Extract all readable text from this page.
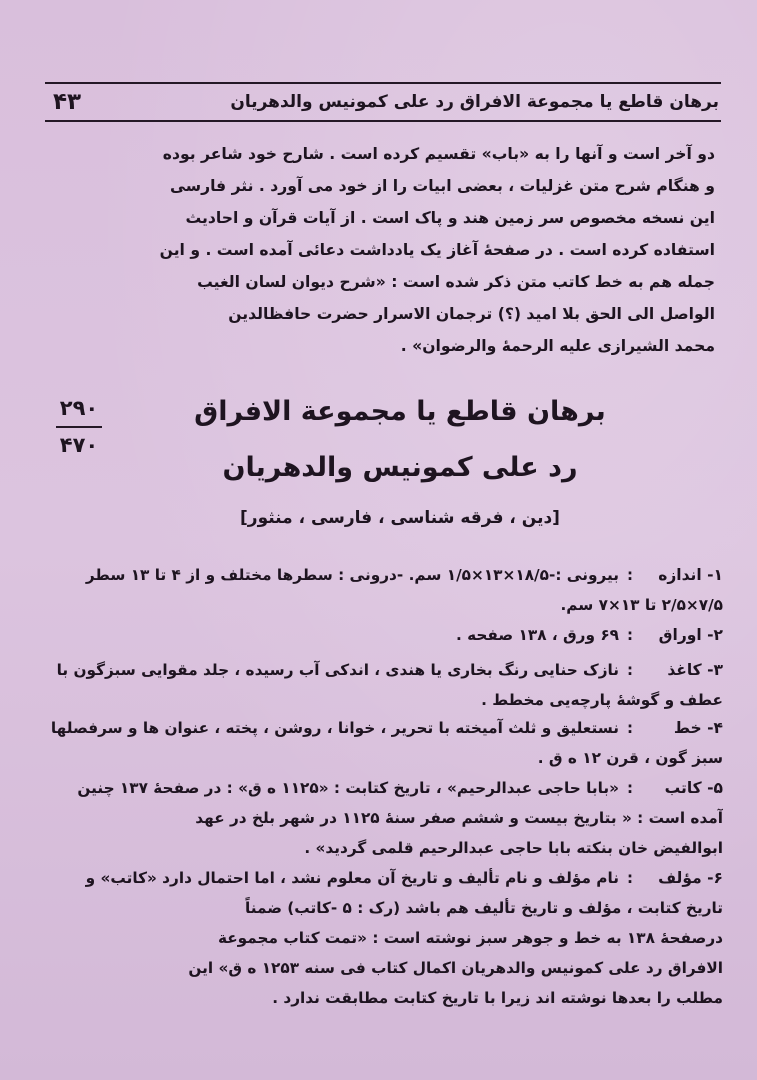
۴۳	برهان قاطع یا مجموعة الافراق رد علی کمونیس والدهریان
دو آخر است و آنها را به «باب» تقسیم کرده است . شارح خود شاعر بوده
و هنگام شرح متن غزلیات ، بعضی ابیات را از خود می آورد . نثر فارسی
این نسخه مخصوص سر زمین هند و پاک است . از آیات قرآن و احادیث
استفاده کرده است . در صفحه‌ٔ آغاز یک یادداشت دعائی آمده است . و این
جمله هم به خط کاتب متن ذکر شده است : «شرح دیوان لسان الغیب
الواصل الی الحق بلا امید (؟) ترجمان الاسرار حضرت حافظالدین
محمد الشیرازی علیه الرحمه‌ٔ والرضوان» .
۲۹۰
۴۷۰
برهان قاطع یا مجموعة الافراق
رد علی کمونیس والدهریان
[دین ، فرقه شناسی ، فارسی ، منثور]
۱- اندازه
:
بیرونی :-۱۸/۵×۱۳×۱/۵ سم. -درونی : سطرها مختلف و از ۴ تا ۱۳ سطر
۷/۵×۲/۵ تا ۱۳×۷ سم.
۲- اوراق
:
۶۹ ورق ، ۱۳۸ صفحه .
۳- کاغذ
:
نازک حنایی رنگ بخاری یا هندی ، اندکی آب رسیده ، جلد مقوایی سبزگون با
عطف و گوشه‌ٔ پارچه‌یی مخطط .
۴- خط
:
نستعلیق و ثلث آمیخته با تحریر ، خوانا ، روشن ، پخته ، عنوان ها و سرفصلها
سبز گون ، قرن ۱۲ ه ق .
۵- کاتب
:
«بابا حاجی عبدالرحیم» ، تاریخ کتابت : «۱۱۲۵ ه ق» : در صفحه‌ٔ ۱۳۷ چنین
آمده است : « بتاریخ بیست و ششم صفر سنه‌ٔ ۱۱۲۵ در شهر بلخ در عهد
ابوالفیض خان بنکته بابا حاجی عبدالرحیم قلمی گردید» .
۶- مؤلف
:
نام مؤلف و نام تألیف و تاریخ آن معلوم نشد ، اما احتمال دارد «کاتب» و
تاریخ کتابت ، مؤلف و تاریخ تألیف هم باشد (رک : ۵ -کاتب) ضمناً
درصفحه‌ٔ ۱۳۸ به خط و جوهر سبز نوشته است : «تمت کتاب مجموعة
الافراق رد علی کمونیس والدهریان اکمال کتاب فی سنه ۱۲۵۳ ه ق» این
مطلب را بعدها نوشته اند زیرا با تاریخ کتابت مطابقت ندارد .
